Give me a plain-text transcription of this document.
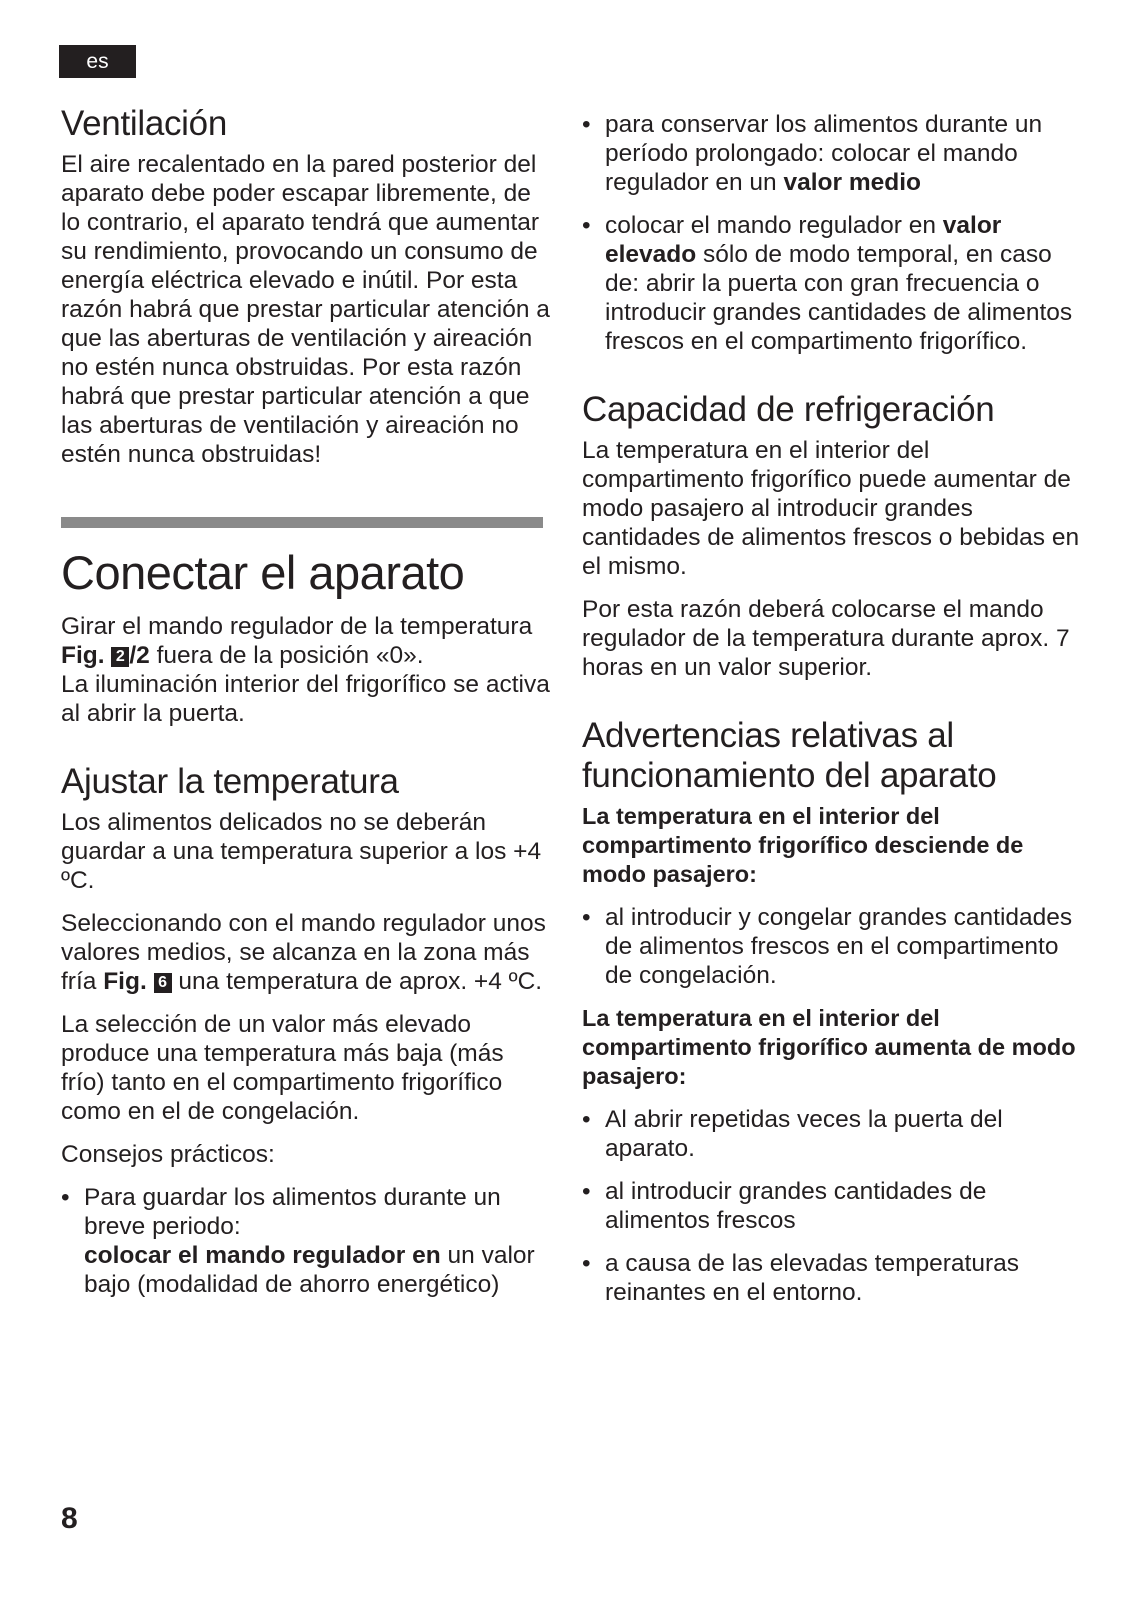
es
Ventilación

El aire recalentado en la pared posterior del aparato debe poder escapar libremente, de lo contrario, el aparato tendrá que aumentar su rendimiento, provocando un consumo de energía eléctrica elevado e inútil. Por esta razón habrá que prestar particular atención a que las aberturas de ventilación y aireación no estén nunca obstruidas. Por esta razón habrá que prestar particular atención a que las aberturas de ventilación y aireación no estén nunca obstruidas!

Conectar el aparato

Girar el mando regulador de la temperatura Fig. 2 /2 fuera de la posición «0».

La iluminación interior del frigorífico se activa al abrir la puerta.

Ajustar la temperatura

Los alimentos delicados no se deberán guardar a una temperatura superior a los +4 ºC.

Seleccionando con el mando regulador unos valores medios, se alcanza en la zona más fría Fig. 6 una temperatura de aprox. +4 ºC.

La selección de un valor más elevado produce una temperatura más baja (más frío) tanto en el compartimento frigorífico como en el de congelación.

Consejos prácticos:

• Para guardar los alimentos durante un breve periodo:
colocar el mando regulador en un valor bajo (modalidad de ahorro energético)
• para conservar los alimentos durante un período prolongado: colocar el mando regulador en un valor medio
• colocar el mando regulador en valor elevado sólo de modo temporal, en caso de: abrir la puerta con gran frecuencia o introducir grandes cantidades de alimentos frescos en el compartimento frigorífico.
Capacidad de refrigeración

La temperatura en el interior del compartimento frigorífico puede aumentar de modo pasajero al introducir grandes cantidades de alimentos frescos o bebidas en el mismo.

Por esta razón deberá colocarse el mando regulador de la temperatura durante aprox. 7 horas en un valor superior.

Advertencias relativas al funcionamiento del aparato

La temperatura en el interior del compartimento frigorífico desciende de modo pasajero:

• al introducir y congelar grandes cantidades de alimentos frescos en el compartimento de congelación.

La temperatura en el interior del compartimento frigorífico aumenta de modo pasajero:

• Al abrir repetidas veces la puerta del aparato.
• al introducir grandes cantidades de alimentos frescos
• a causa de las elevadas temperaturas reinantes en el entorno.
8
